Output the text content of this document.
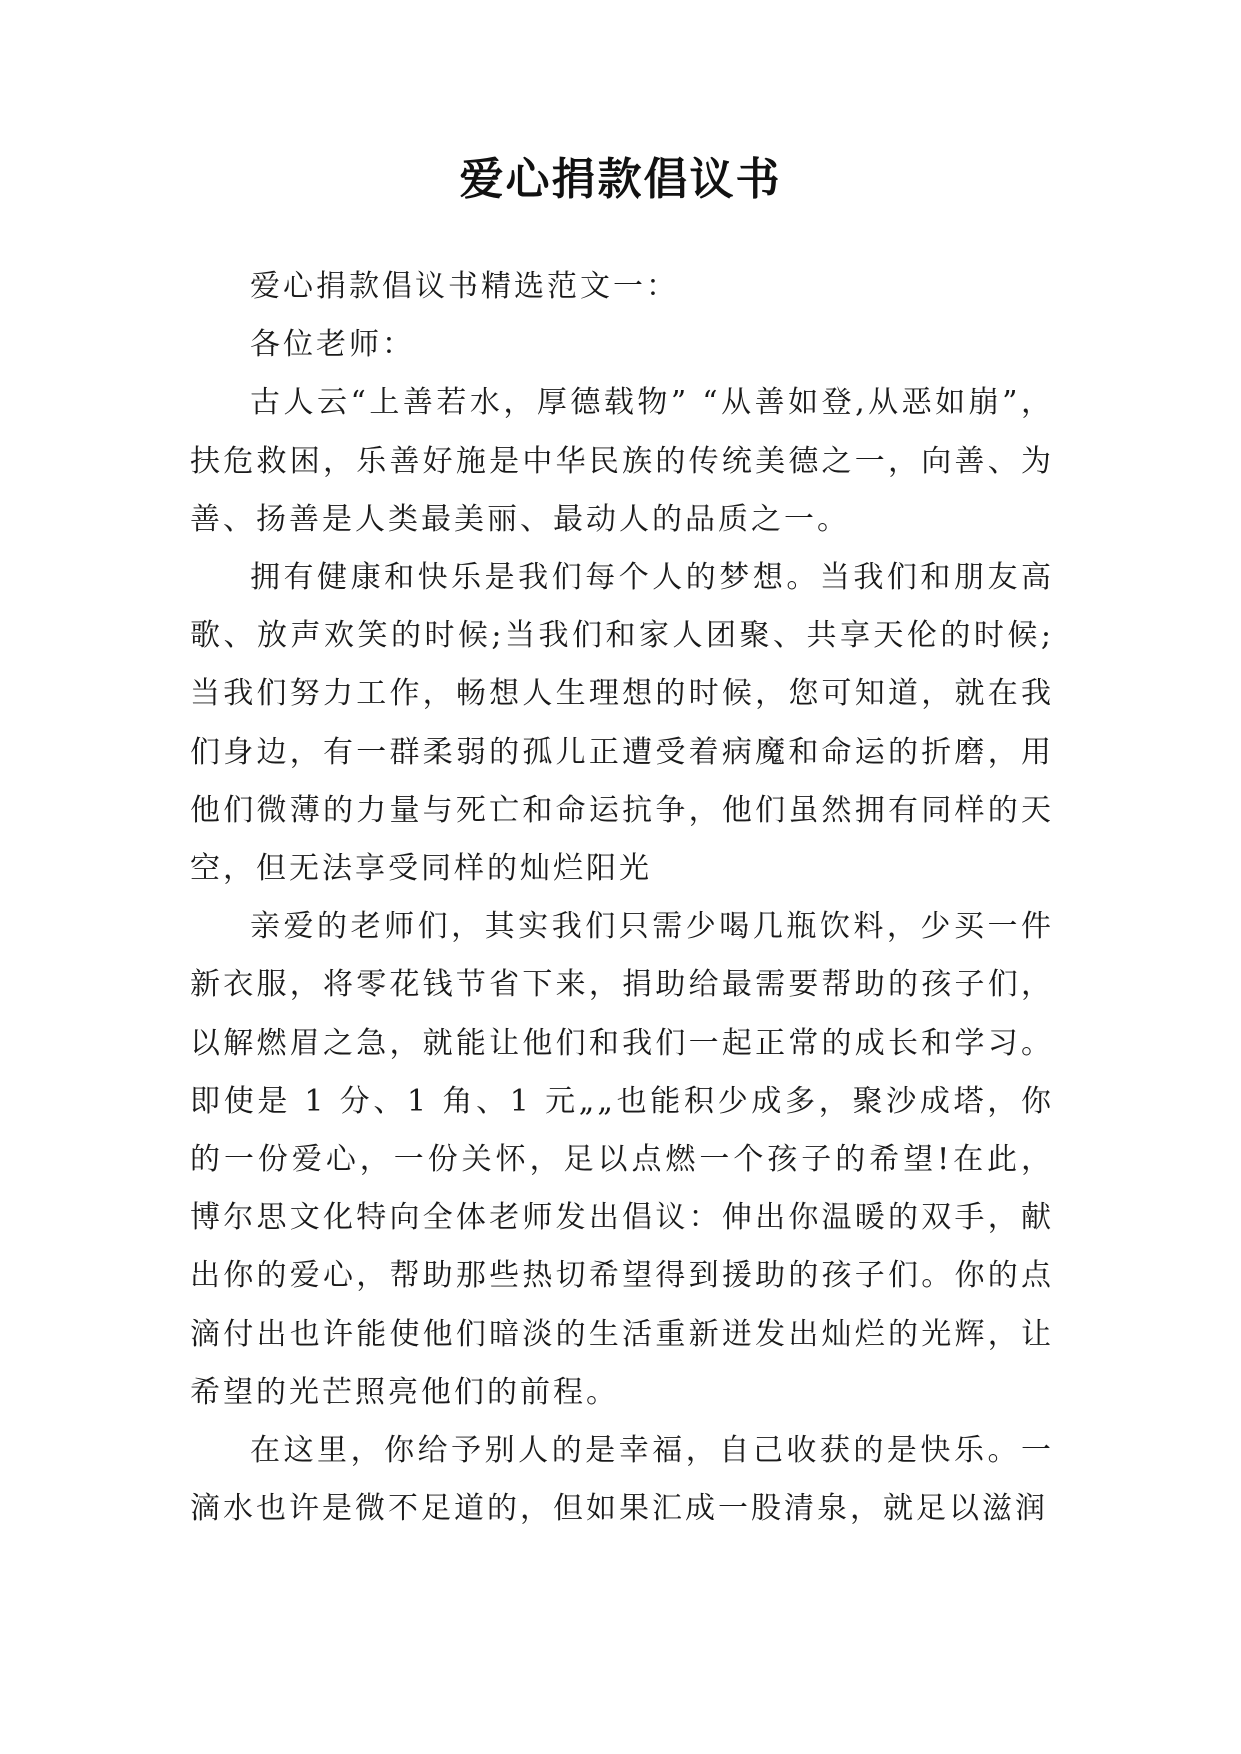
爱心捐款倡议书

爱心捐款倡议书精选范文一：

各位老师：

古人云“上善若水，厚德载物” “从善如登,从恶如崩”，扶危救困，乐善好施是中华民族的传统美德之一，向善、为善、扬善是人类最美丽、最动人的品质之一。

拥有健康和快乐是我们每个人的梦想。当我们和朋友高歌、放声欢笑的时候;当我们和家人团聚、共享天伦的时候;当我们努力工作，畅想人生理想的时候，您可知道，就在我们身边，有一群柔弱的孤儿正遭受着病魔和命运的折磨，用他们微薄的力量与死亡和命运抗争，他们虽然拥有同样的天空，但无法享受同样的灿烂阳光

亲爱的老师们，其实我们只需少喝几瓶饮料，少买一件新衣服，将零花钱节省下来，捐助给最需要帮助的孩子们，以解燃眉之急，就能让他们和我们一起正常的成长和学习。即使是 1 分、1 角、1 元„„也能积少成多，聚沙成塔，你的一份爱心，一份关怀，足以点燃一个孩子的希望!在此，博尔思文化特向全体老师发出倡议：伸出你温暖的双手，献出你的爱心，帮助那些热切希望得到援助的孩子们。你的点滴付出也许能使他们暗淡的生活重新迸发出灿烂的光辉，让希望的光芒照亮他们的前程。

在这里，你给予别人的是幸福，自己收获的是快乐。一滴水也许是微不足道的，但如果汇成一股清泉，就足以滋润
